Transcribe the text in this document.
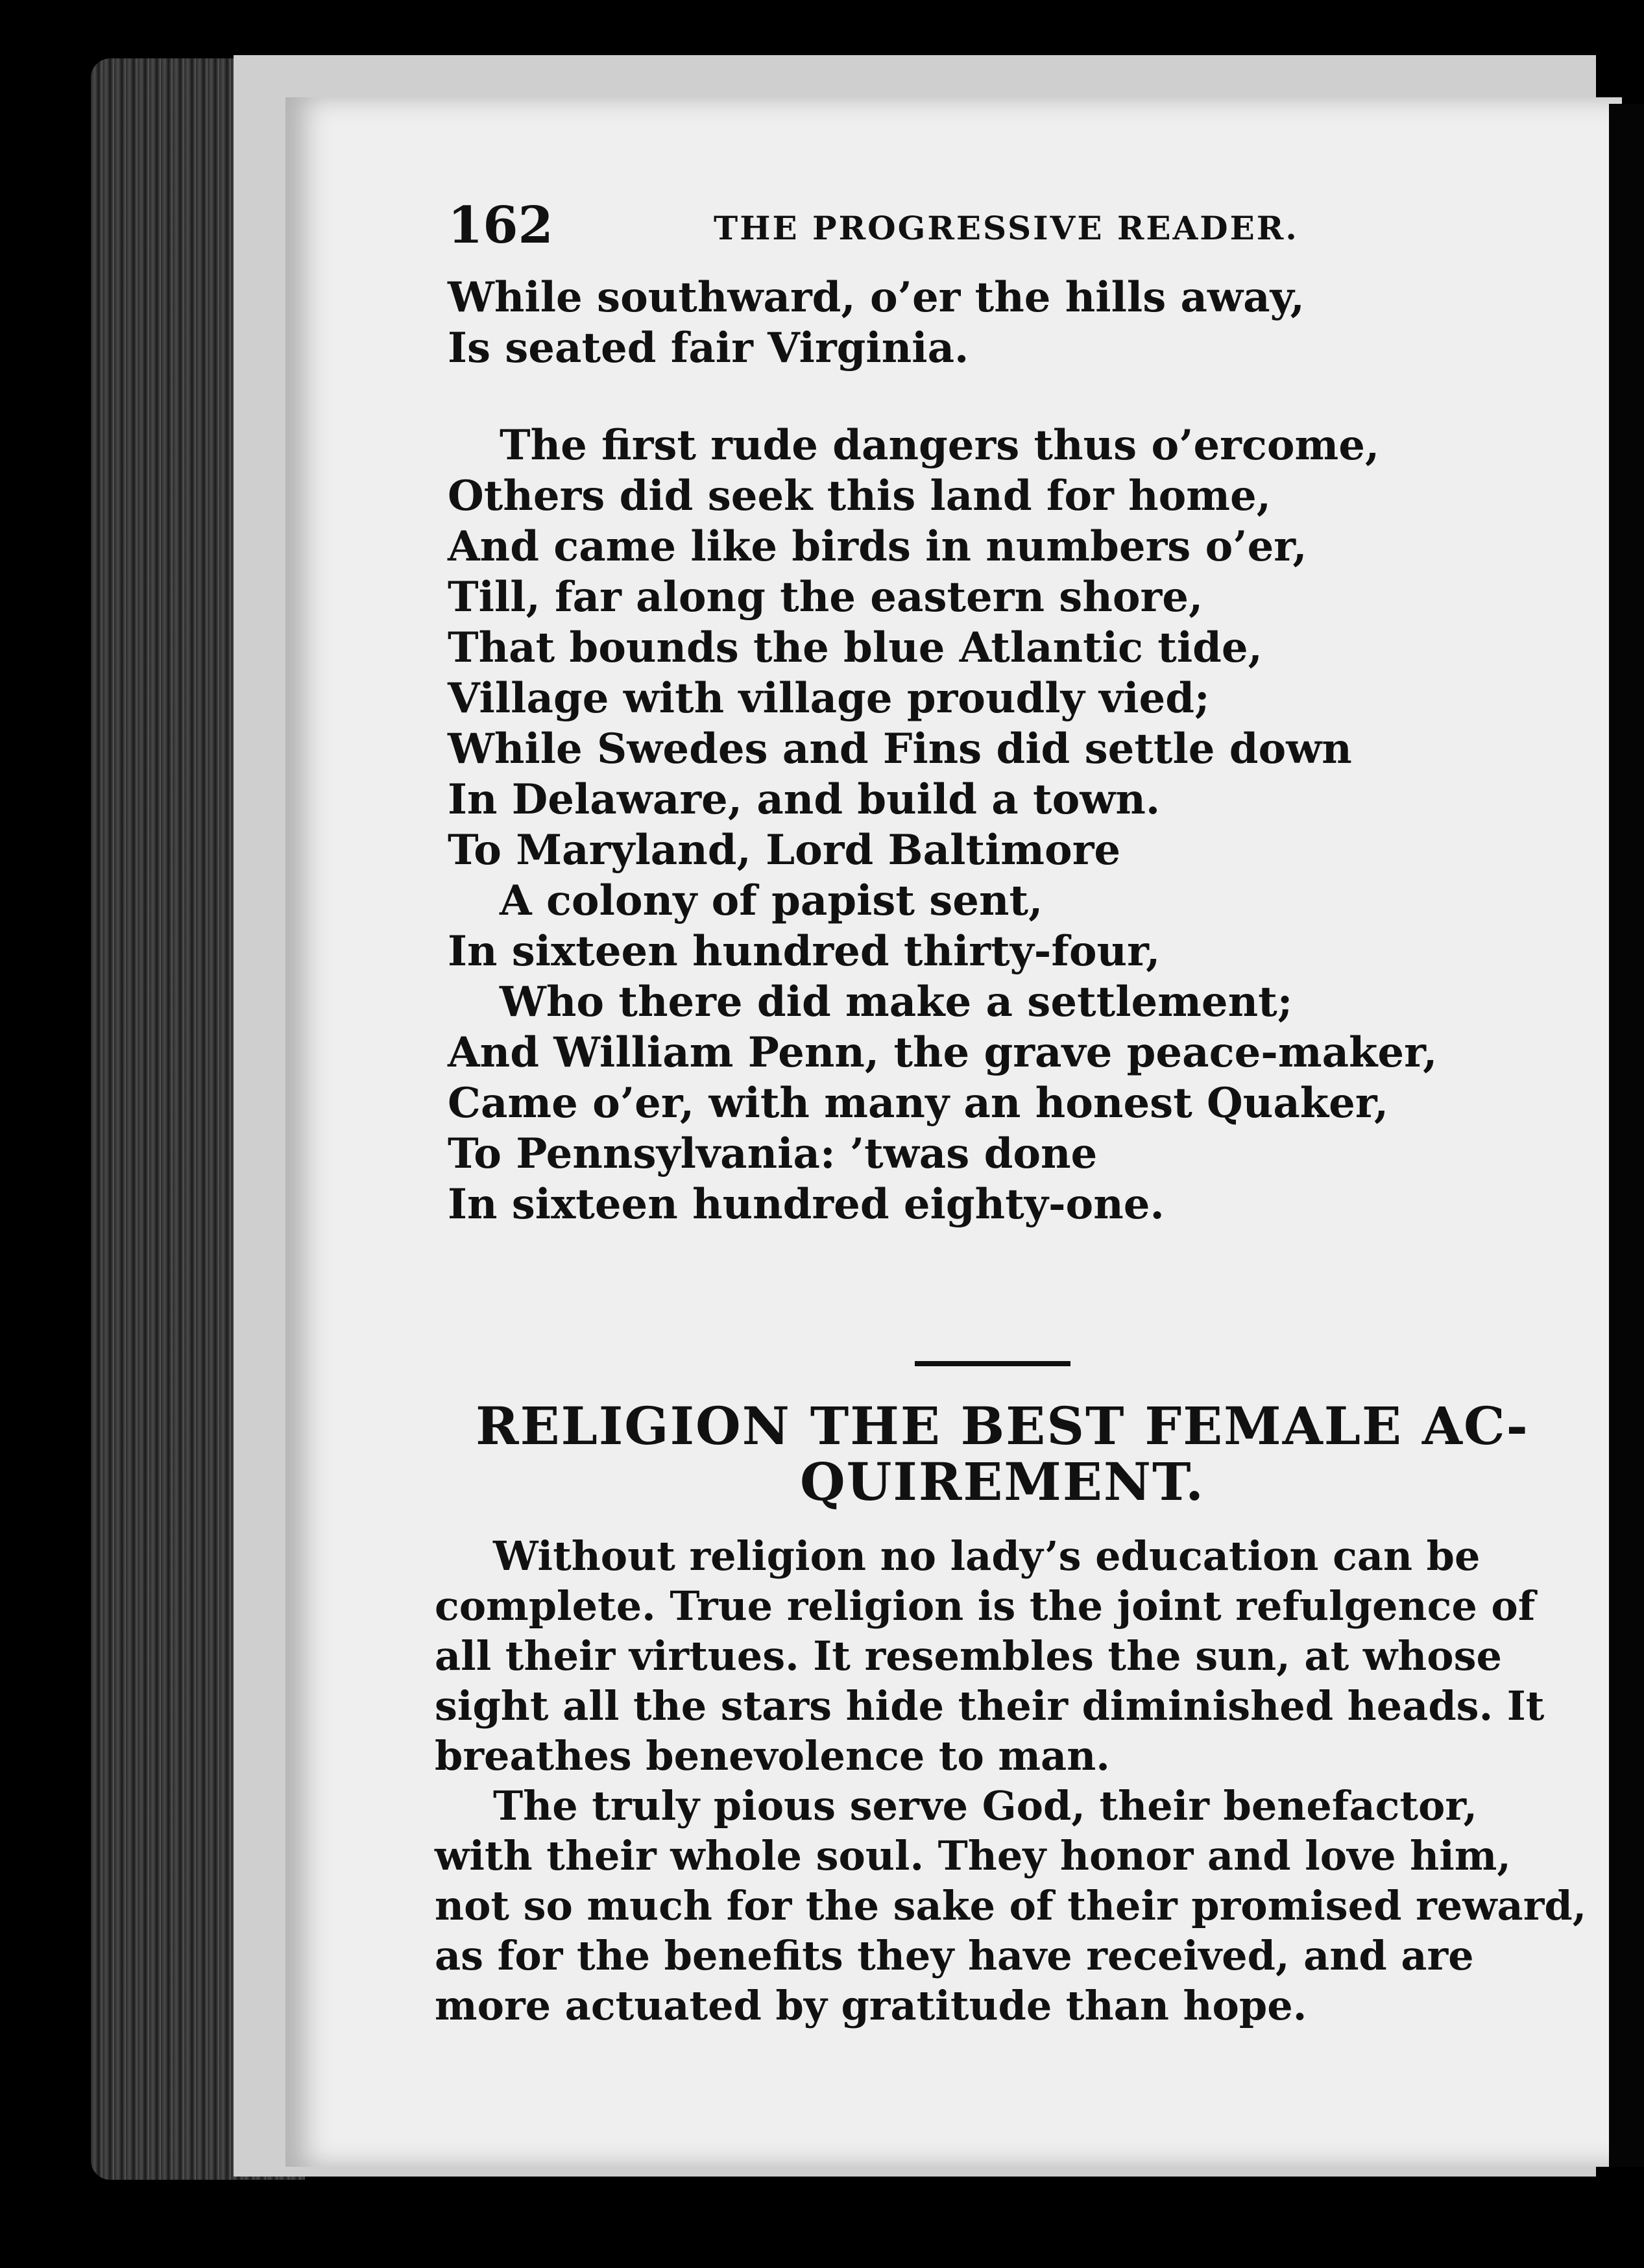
162	THE PROGRESSIVE READER.
While southward, o’er the hills away,
Is seated fair Virginia.
The first rude dangers thus o’ercome,
Others did seek this land for home,
And came like birds in numbers o’er,
Till, far along the eastern shore,
That bounds the blue Atlantic tide,
Village with village proudly vied;
While Swedes and Fins did settle down
In Delaware, and build a town.
To Maryland, Lord Baltimore
A colony of papist sent,
In sixteen hundred thirty-four,
Who there did make a settlement;
And William Penn, the grave peace-maker,
Came o’er, with many an honest Quaker,
To Pennsylvania: ’twas done
In sixteen hundred eighty-one.
RELIGION THE BEST FEMALE AC-
QUIREMENT.
Without religion no lady’s education can be
complete. True religion is the joint refulgence of
all their virtues. It resembles the sun, at whose
sight all the stars hide their diminished heads. It
breathes benevolence to man.
The truly pious serve God, their benefactor,
with their whole soul. They honor and love him,
not so much for the sake of their promised reward,
as for the benefits they have received, and are
more actuated by gratitude than hope.
